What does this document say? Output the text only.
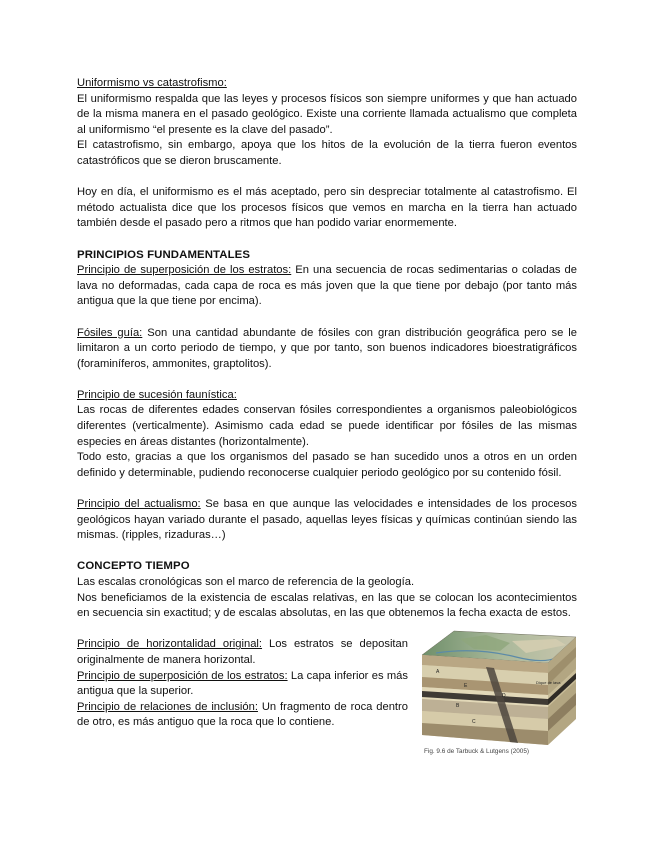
Uniformismo vs catastrofismo:

El uniformismo respalda que las leyes y procesos físicos son siempre uniformes y que han actuado de la misma manera en el pasado geológico. Existe una corriente llamada actualismo que completa al uniformismo “el presente es la clave del pasado”.

El catastrofismo, sin embargo, apoya que los hitos de la evolución de la tierra fueron eventos catastróficos que se dieron bruscamente.

Hoy en día, el uniformismo es el más aceptado, pero sin despreciar totalmente al catastrofismo. El método actualista dice que los procesos físicos que vemos en marcha en la tierra han actuado también desde el pasado pero a ritmos que han podido variar enormemente.

PRINCIPIOS FUNDAMENTALES

Principio de superposición de los estratos: En una secuencia de rocas sedimentarias o coladas de lava no deformadas, cada capa de roca es más joven que la que tiene por debajo (por tanto más antigua que la que tiene por encima).

Fósiles guía: Son una cantidad abundante de fósiles con gran distribución geográfica pero se le limitaron a un corto periodo de tiempo, y que por tanto, son buenos indicadores bioestratigráficos (foraminíferos, ammonites, graptolitos).

Principio de sucesión faunística:

Las rocas de diferentes edades conservan fósiles correspondientes a organismos paleobiológicos diferentes (verticalmente). Asimismo cada edad se puede identificar por fósiles de las mismas especies en áreas distantes (horizontalmente).

Todo esto, gracias a que los organismos del pasado se han sucedido unos a otros en un orden definido y determinable, pudiendo reconocerse cualquier periodo geológico por su contenido fósil.

Principio del actualismo: Se basa en que aunque las velocidades e intensidades de los procesos geológicos hayan variado durante el pasado, aquellas leyes físicas y químicas continúan siendo las mismas. (ripples, rizaduras…)

CONCEPTO TIEMPO

Las escalas cronológicas son el marco de referencia de la geología.

Nos beneficiamos de la existencia de escalas relativas, en las que se colocan los acontecimientos en secuencia sin exactitud; y de escalas absolutas, en las que obtenemos la fecha exacta de estos.

Principio de horizontalidad original: Los estratos se depositan originalmente de manera horizontal.

Principio de superposición de los estratos: La capa inferior es más antigua que la superior.

Principio de relaciones de inclusión: Un fragmento de roca dentro de otro, es más antiguo que la roca que lo contiene.

Dique de lava
A
B
C
D
E
Fig. 9.6 de Tarbuck & Lutgens (2005)
